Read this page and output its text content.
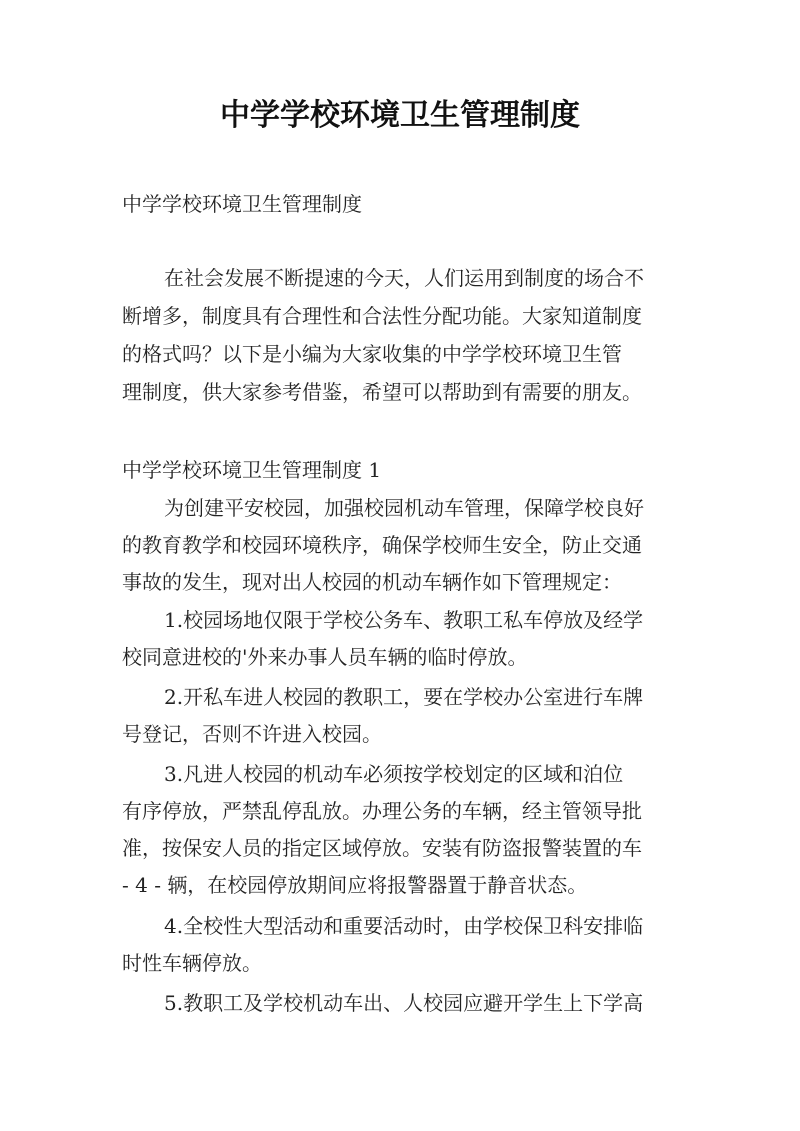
中学学校环境卫生管理制度
中学学校环境卫生管理制度
在社会发展不断提速的今天，人们运用到制度的场合不
断增多，制度具有合理性和合法性分配功能。大家知道制度
的格式吗？以下是小编为大家收集的中学学校环境卫生管
理制度，供大家参考借鉴，希望可以帮助到有需要的朋友。
中学学校环境卫生管理制度 1
为创建平安校园，加强校园机动车管理，保障学校良好
的教育教学和校园环境秩序，确保学校师生安全，防止交通
事故的发生，现对出人校园的机动车辆作如下管理规定：
1.校园场地仅限于学校公务车、教职工私车停放及经学
校同意进校的'外来办事人员车辆的临时停放。
2.开私车进人校园的教职工，要在学校办公室进行车牌
号登记，否则不许进入校园。
3.凡进人校园的机动车必须按学校划定的区域和泊位
有序停放，严禁乱停乱放。办理公务的车辆，经主管领导批
准，按保安人员的指定区域停放。安装有防盗报警装置的车
- 4 - 辆，在校园停放期间应将报警器置于静音状态。
4.全校性大型活动和重要活动时，由学校保卫科安排临
时性车辆停放。
5.教职工及学校机动车出、人校园应避开学生上下学高
